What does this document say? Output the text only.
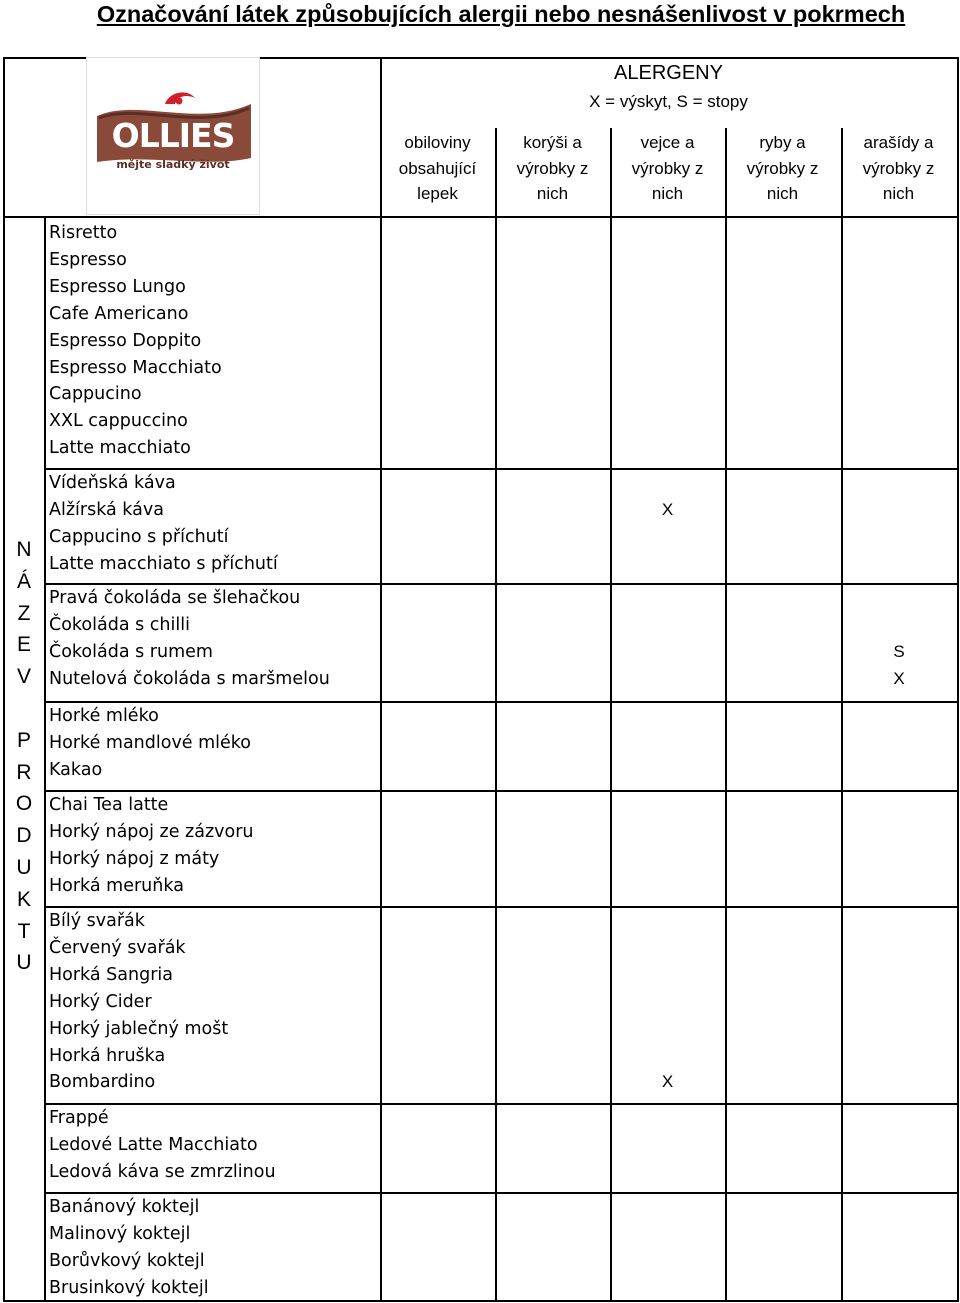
Označování látek způsobujících alergii nebo nesnášenlivost v pokrmech
OLLIES
mějte sladký život
ALERGENY
X = výskyt, S = stopy
obiloviny
obsahující
lepek
korýši a
výrobky z
nich
vejce a
výrobky z
nich
ryby a
výrobky z
nich
arašídy a
výrobky z
nich
Risretto
Espresso
Espresso Lungo
Cafe Americano
Espresso Doppito
Espresso Macchiato
Cappucino
XXL cappuccino
Latte macchiato
Vídeňská káva
Alžírská káva
Cappucino s příchutí
Latte macchiato s příchutí
Pravá čokoláda se šlehačkou
Čokoláda s chilli
Čokoláda s rumem
Nutelová čokoláda s maršmelou
Horké mléko
Horké mandlové mléko
Kakao
Chai Tea latte
Horký nápoj ze zázvoru
Horký nápoj z máty
Horká meruňka
Bílý svařák
Červený svařák
Horká Sangria
Horký Cider
Horký jablečný mošt
Horká hruška
Bombardino
Frappé
Ledové Latte Macchiato
Ledová káva se zmrzlinou
Banánový koktejl
Malinový koktejl
Borůvkový koktejl
Brusinkový koktejl
X
S
X
X
N
Á
Z
E
V
P
R
O
D
U
K
T
U
